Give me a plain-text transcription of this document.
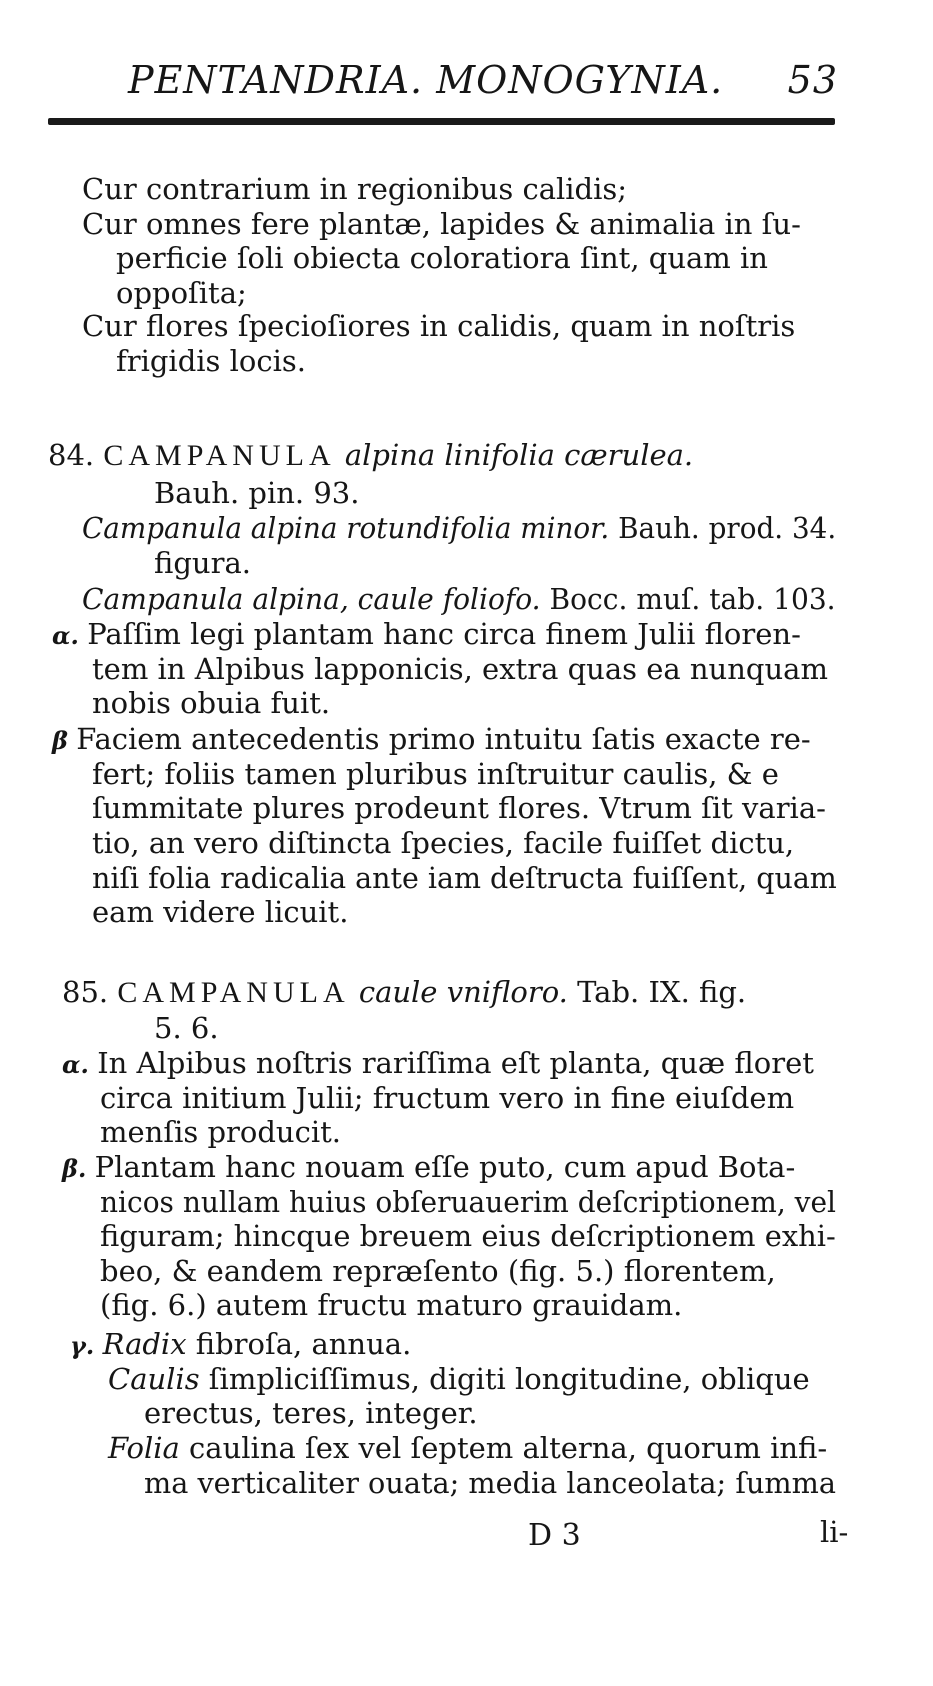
PENTANDRIA. MONOGYNIA. 53
Cur contrarium in regionibus calidis;
Cur omnes fere plantæ, lapides & animalia in ſu-
perficie ſoli obiecta coloratiora ſint, quam in
oppoſita;
Cur flores ſpecioſiores in calidis, quam in noſtris
frigidis locis.
84. CAMPANULA alpina linifolia cærulea.
Bauh. pin. 93.
Campanula alpina rotundifolia minor. Bauh. prod. 34.
figura.
Campanula alpina, caule foliofo. Bocc. muſ. tab. 103.
α. Paſſim legi plantam hanc circa finem Julii floren-
tem in Alpibus lapponicis, extra quas ea nunquam
nobis obuia fuit.
β Faciem antecedentis primo intuitu ſatis exacte re-
fert; foliis tamen pluribus inſtruitur caulis, & e
ſummitate plures prodeunt flores. Vtrum ſit varia-
tio, an vero diſtincta ſpecies, facile fuiſſet dictu,
niſi folia radicalia ante iam deſtructa fuiſſent, quam
eam videre licuit.
85. CAMPANULA caule vnifloro. Tab. IX. fig.
5. 6.
α. In Alpibus noſtris rariſſima eſt planta, quæ floret
circa initium Julii; fructum vero in fine eiuſdem
menſis producit.
β. Plantam hanc nouam eſſe puto, cum apud Bota-
nicos nullam huius obſeruauerim deſcriptionem, vel
figuram; hincque breuem eius deſcriptionem exhi-
beo, & eandem repræſento (fig. 5.) florentem,
(fig. 6.) autem fructu maturo grauidam.
γ. Radix fibroſa, annua.
Caulis ſimpliciſſimus, digiti longitudine, oblique
erectus, teres, integer.
Folia caulina ſex vel ſeptem alterna, quorum infi-
ma verticaliter ouata; media lanceolata; ſumma
D 3	li-
